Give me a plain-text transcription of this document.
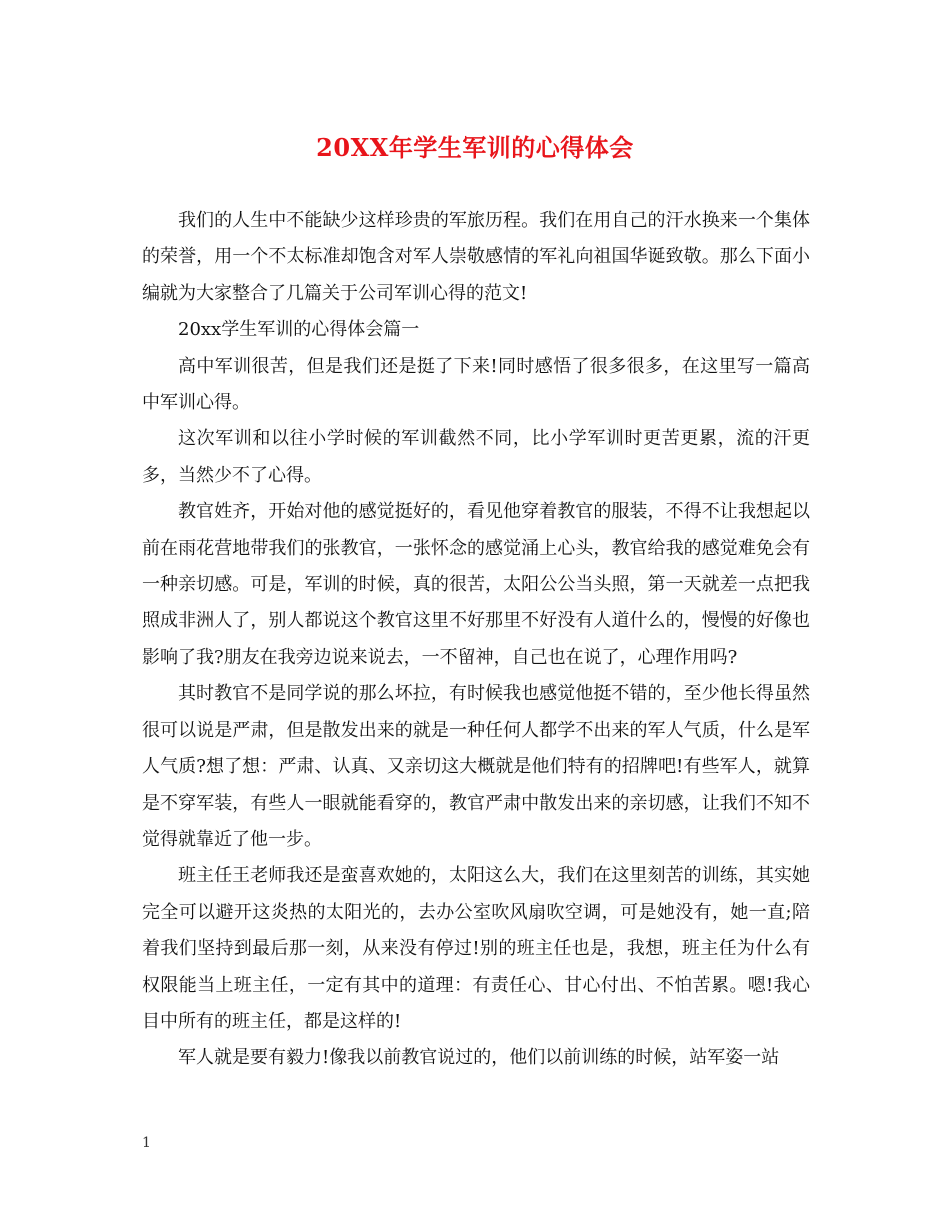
20XX年学生军训的心得体会

我们的人生中不能缺少这样珍贵的军旅历程。我们在用自己的汗水换来一个集体的荣誉，用一个不太标准却饱含对军人崇敬感情的军礼向祖国华诞致敬。那么下面小编就为大家整合了几篇关于公司军训心得的范文!

20xx学生军训的心得体会篇一

高中军训很苦，但是我们还是挺了下来!同时感悟了很多很多，在这里写一篇高中军训心得。

这次军训和以往小学时候的军训截然不同，比小学军训时更苦更累，流的汗更多，当然少不了心得。

教官姓齐，开始对他的感觉挺好的，看见他穿着教官的服装，不得不让我想起以前在雨花营地带我们的张教官，一张怀念的感觉涌上心头，教官给我的感觉难免会有一种亲切感。可是，军训的时候，真的很苦，太阳公公当头照，第一天就差一点把我照成非洲人了，别人都说这个教官这里不好那里不好没有人道什么的，慢慢的好像也影响了我?朋友在我旁边说来说去，一不留神，自己也在说了，心理作用吗?

其时教官不是同学说的那么坏拉，有时候我也感觉他挺不错的，至少他长得虽然很可以说是严肃，但是散发出来的就是一种任何人都学不出来的军人气质，什么是军人气质?想了想：严肃、认真、又亲切这大概就是他们特有的招牌吧!有些军人，就算是不穿军装，有些人一眼就能看穿的，教官严肃中散发出来的亲切感，让我们不知不觉得就靠近了他一步。

班主任王老师我还是蛮喜欢她的，太阳这么大，我们在这里刻苦的训练，其实她完全可以避开这炎热的太阳光的，去办公室吹风扇吹空调，可是她没有，她一直;陪着我们坚持到最后那一刻，从来没有停过!别的班主任也是，我想，班主任为什么有权限能当上班主任，一定有其中的道理：有责任心、甘心付出、不怕苦累。嗯!我心目中所有的班主任，都是这样的!

军人就是要有毅力!像我以前教官说过的，他们以前训练的时候，站军姿一站

1
